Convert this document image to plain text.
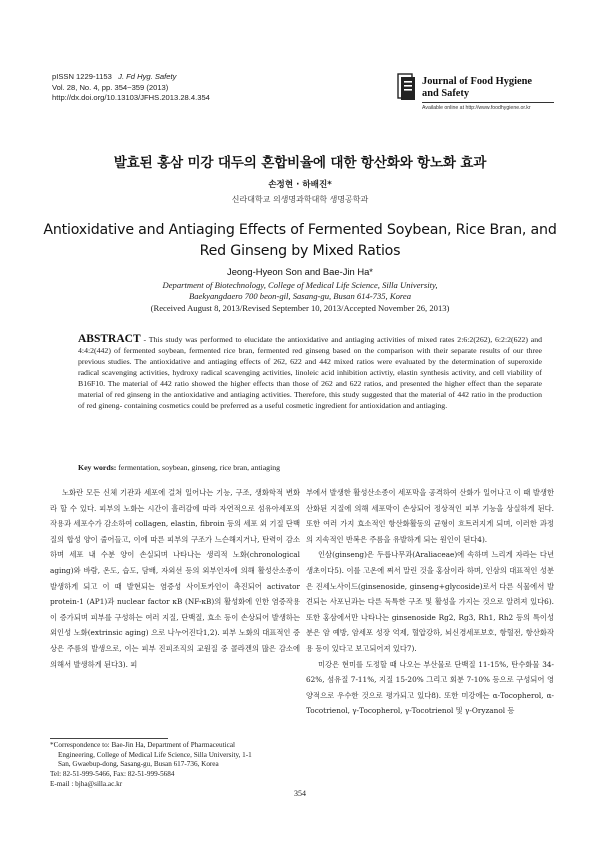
pISSN 1229-1153 J. Fd Hyg. Safety
Vol. 28, No. 4, pp. 354~359 (2013)
http://dx.doi.org/10.13103/JFHS.2013.28.4.354
Journal of Food Hygiene
and Safety
Available online at http://www.foodhygiene.or.kr
발효된 홍삼 미강 대두의 혼합비율에 대한 항산화와 항노화 효과
손정현 · 하배진*
신라대학교 의생명과학대학 생명공학과
Antioxidative and Antiaging Effects of Fermented Soybean, Rice Bran, and
Red Ginseng by Mixed Ratios
Jeong-Hyeon Son and Bae-Jin Ha*
Department of Biotechnology, College of Medical Life Science, Silla University,
Baekyangdaero 700 beon-gil, Sasang-gu, Busan 614-735, Korea
(Received August 8, 2013/Revised September 10, 2013/Accepted November 26, 2013)
ABSTRACT - This study was performed to elucidate the antioxidative and antiaging activities of mixed rates 2:6:2(262), 6:2:2(622) and 4:4:2(442) of fermented soybean, fermented rice bran, fermented red ginseng based on the comparison with their separate results of our three previous studies. The antioxidative and antiaging effects of 262, 622 and 442 mixed ratios were evaluated by the determination of superoxide radical scavenging activities, hydroxy radical scavenging activities, linoleic acid inhibition activtiy, elastin synthesis activity, and cell viability of B16F10. The material of 442 ratio showed the higher effects than those of 262 and 622 ratios, and presented the higher effect than the separate material of red ginseng in the antioxidative and antiaging activities. Therefore, this study suggested that the material of 442 ratio in the production of red gineng- containing cosmetics could be preferred as a useful cosmetic ingredient for antioxidation and antiaging.
Key words: fermentation, soybean, ginseng, rice bran, antiaging

노화란 모든 신체 기관과 세포에 걸쳐 일어나는 기능, 구조, 생화학적 변화라 할 수 있다. 피부의 노화는 시간이 흘러감에 따라 자연적으로 섬유아세포의 작용과 세포수가 감소하여 collagen, elastin, fibroin 등의 세포 외 기질 단백질의 합성 양이 줄어들고, 이에 따른 피부의 구조가 느슨해지거나, 탄력이 감소하며 세포 내 수분 양이 손실되며 나타나는 생리적 노화(chronological aging)와 바람, 온도, 습도, 담배, 자외선 등의 외부인자에 의해 활성산소종이 발생하게 되고 이 때 발현되는 염증성 사이토카인이 촉진되어 activator protein-1 (AP1)과 nuclear factor κB (NF-κB)의 활성화에 인한 염증작용이 증가되며 피부를 구성하는 여러 지질, 단백질, 효소 등이 손상되어 발생하는 외인성 노화(extrinsic aging) 으로 나누어진다1,2). 피부 노화의 대표적인 증상은 주름의 발생으로, 이는 피부 진피조직의 교원질 중 콜라겐의 많은 감소에 의해서 발생하게 된다3). 피

부에서 발생한 활성산소종이 세포막을 공격하여 산화가 일어나고 이 때 발생한 산화된 지질에 의해 세포막이 손상되어 정상적인 피부 기능을 상실하게 된다. 또한 여러 가지 효소적인 항산화활동의 균형이 흐트러지게 되며, 이러한 과정의 지속적인 반복은 주름을 유발하게 되는 원인이 된다4).

인삼(ginseng)은 두릅나무과(Araliaceae)에 속하며 느리게 자라는 다년생초이다5). 이를 고온에 쪄서 말린 것을 홍삼이라 하며, 인삼의 대표적인 성분은 진세노사이드(ginsenoside, ginseng+glycoside)로서 다른 식물에서 발견되는 사포닌과는 다른 독특한 구조 및 활성을 가지는 것으로 알려져 있다6). 또한 홍삼에서만 나타나는 ginsenoside Rg2, Rg3, Rh1, Rh2 등의 특이성분은 암 예방, 암세포 성장 억제, 혈압강하, 뇌신경세포보호, 항혈전, 항산화작용 등이 있다고 보고되어져 있다7).

미강은 현미를 도정할 때 나오는 부산물로 단백질 11-15%, 탄수화물 34-62%, 섬유질 7-11%, 지질 15-20% 그리고 회분 7-10% 등으로 구성되어 영양적으로 우수한 것으로 평가되고 있다8). 또한 미강에는 α-Tocopherol, α-Tocotrienol, γ-Tocopherol, γ-Tocotrienol 및 γ-Oryzanol 등

*Correspondence to: Bae-Jin Ha, Department of Pharmaceutical
Engineering, College of Medical Life Science, Silla University, 1-1
San, Gwaebup-dong, Sasang-gu, Busan 617-736, Korea
Tel: 82-51-999-5466, Fax: 82-51-999-5684
E-mail : bjha@silla.ac.kr
354
